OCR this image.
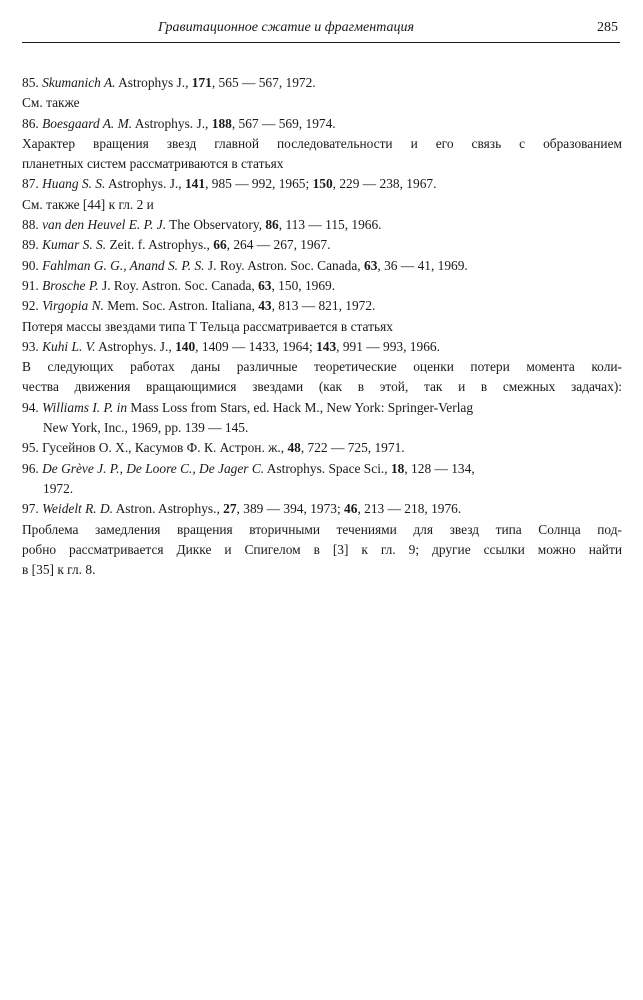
Гравитационное сжатие и фрагментация	285
85. Skumanich A. Astrophys J., 171, 565 — 567, 1972.
См. также
86. Boesgaard A. M. Astrophys. J., 188, 567 — 569, 1974.
Характер вращения звезд главной последовательности и его связь с образованием
планетных систем рассматриваются в статьях
87. Huang S. S. Astrophys. J., 141, 985 — 992, 1965; 150, 229 — 238, 1967.
См. также [44] к гл. 2 и
88. van den Heuvel E. P. J. The Observatory, 86, 113 — 115, 1966.
89. Kumar S. S. Zeit. f. Astrophys., 66, 264 — 267, 1967.
90. Fahlman G. G., Anand S. P. S. J. Roy. Astron. Soc. Canada, 63, 36 — 41, 1969.
91. Brosche P. J. Roy. Astron. Soc. Canada, 63, 150, 1969.
92. Virgopia N. Mem. Soc. Astron. Italiana, 43, 813 — 821, 1972.
Потеря массы звездами типа Т Тельца рассматривается в статьях
93. Kuhi L. V. Astrophys. J., 140, 1409 — 1433, 1964; 143, 991 — 993, 1966.
В следующих работах даны различные теоретические оценки потери момента коли-
чества движения вращающимися звездами (как в этой, так и в смежных задачах):
94. Williams I. P. in Mass Loss from Stars, ed. Hack M., New York: Springer-Verlag
New York, Inc., 1969, pp. 139 — 145.
95. Гусейнов О. Х., Касумов Ф. К. Астрон. ж., 48, 722 — 725, 1971.
96. De Grève J. P., De Loore C., De Jager C. Astrophys. Space Sci., 18, 128 — 134,
1972.
97. Weidelt R. D. Astron. Astrophys., 27, 389 — 394, 1973; 46, 213 — 218, 1976.
Проблема замедления вращения вторичными течениями для звезд типа Солнца под-
робно рассматривается Дикке и Спигелом в [3] к гл. 9; другие ссылки можно найти
в [35] к гл. 8.
